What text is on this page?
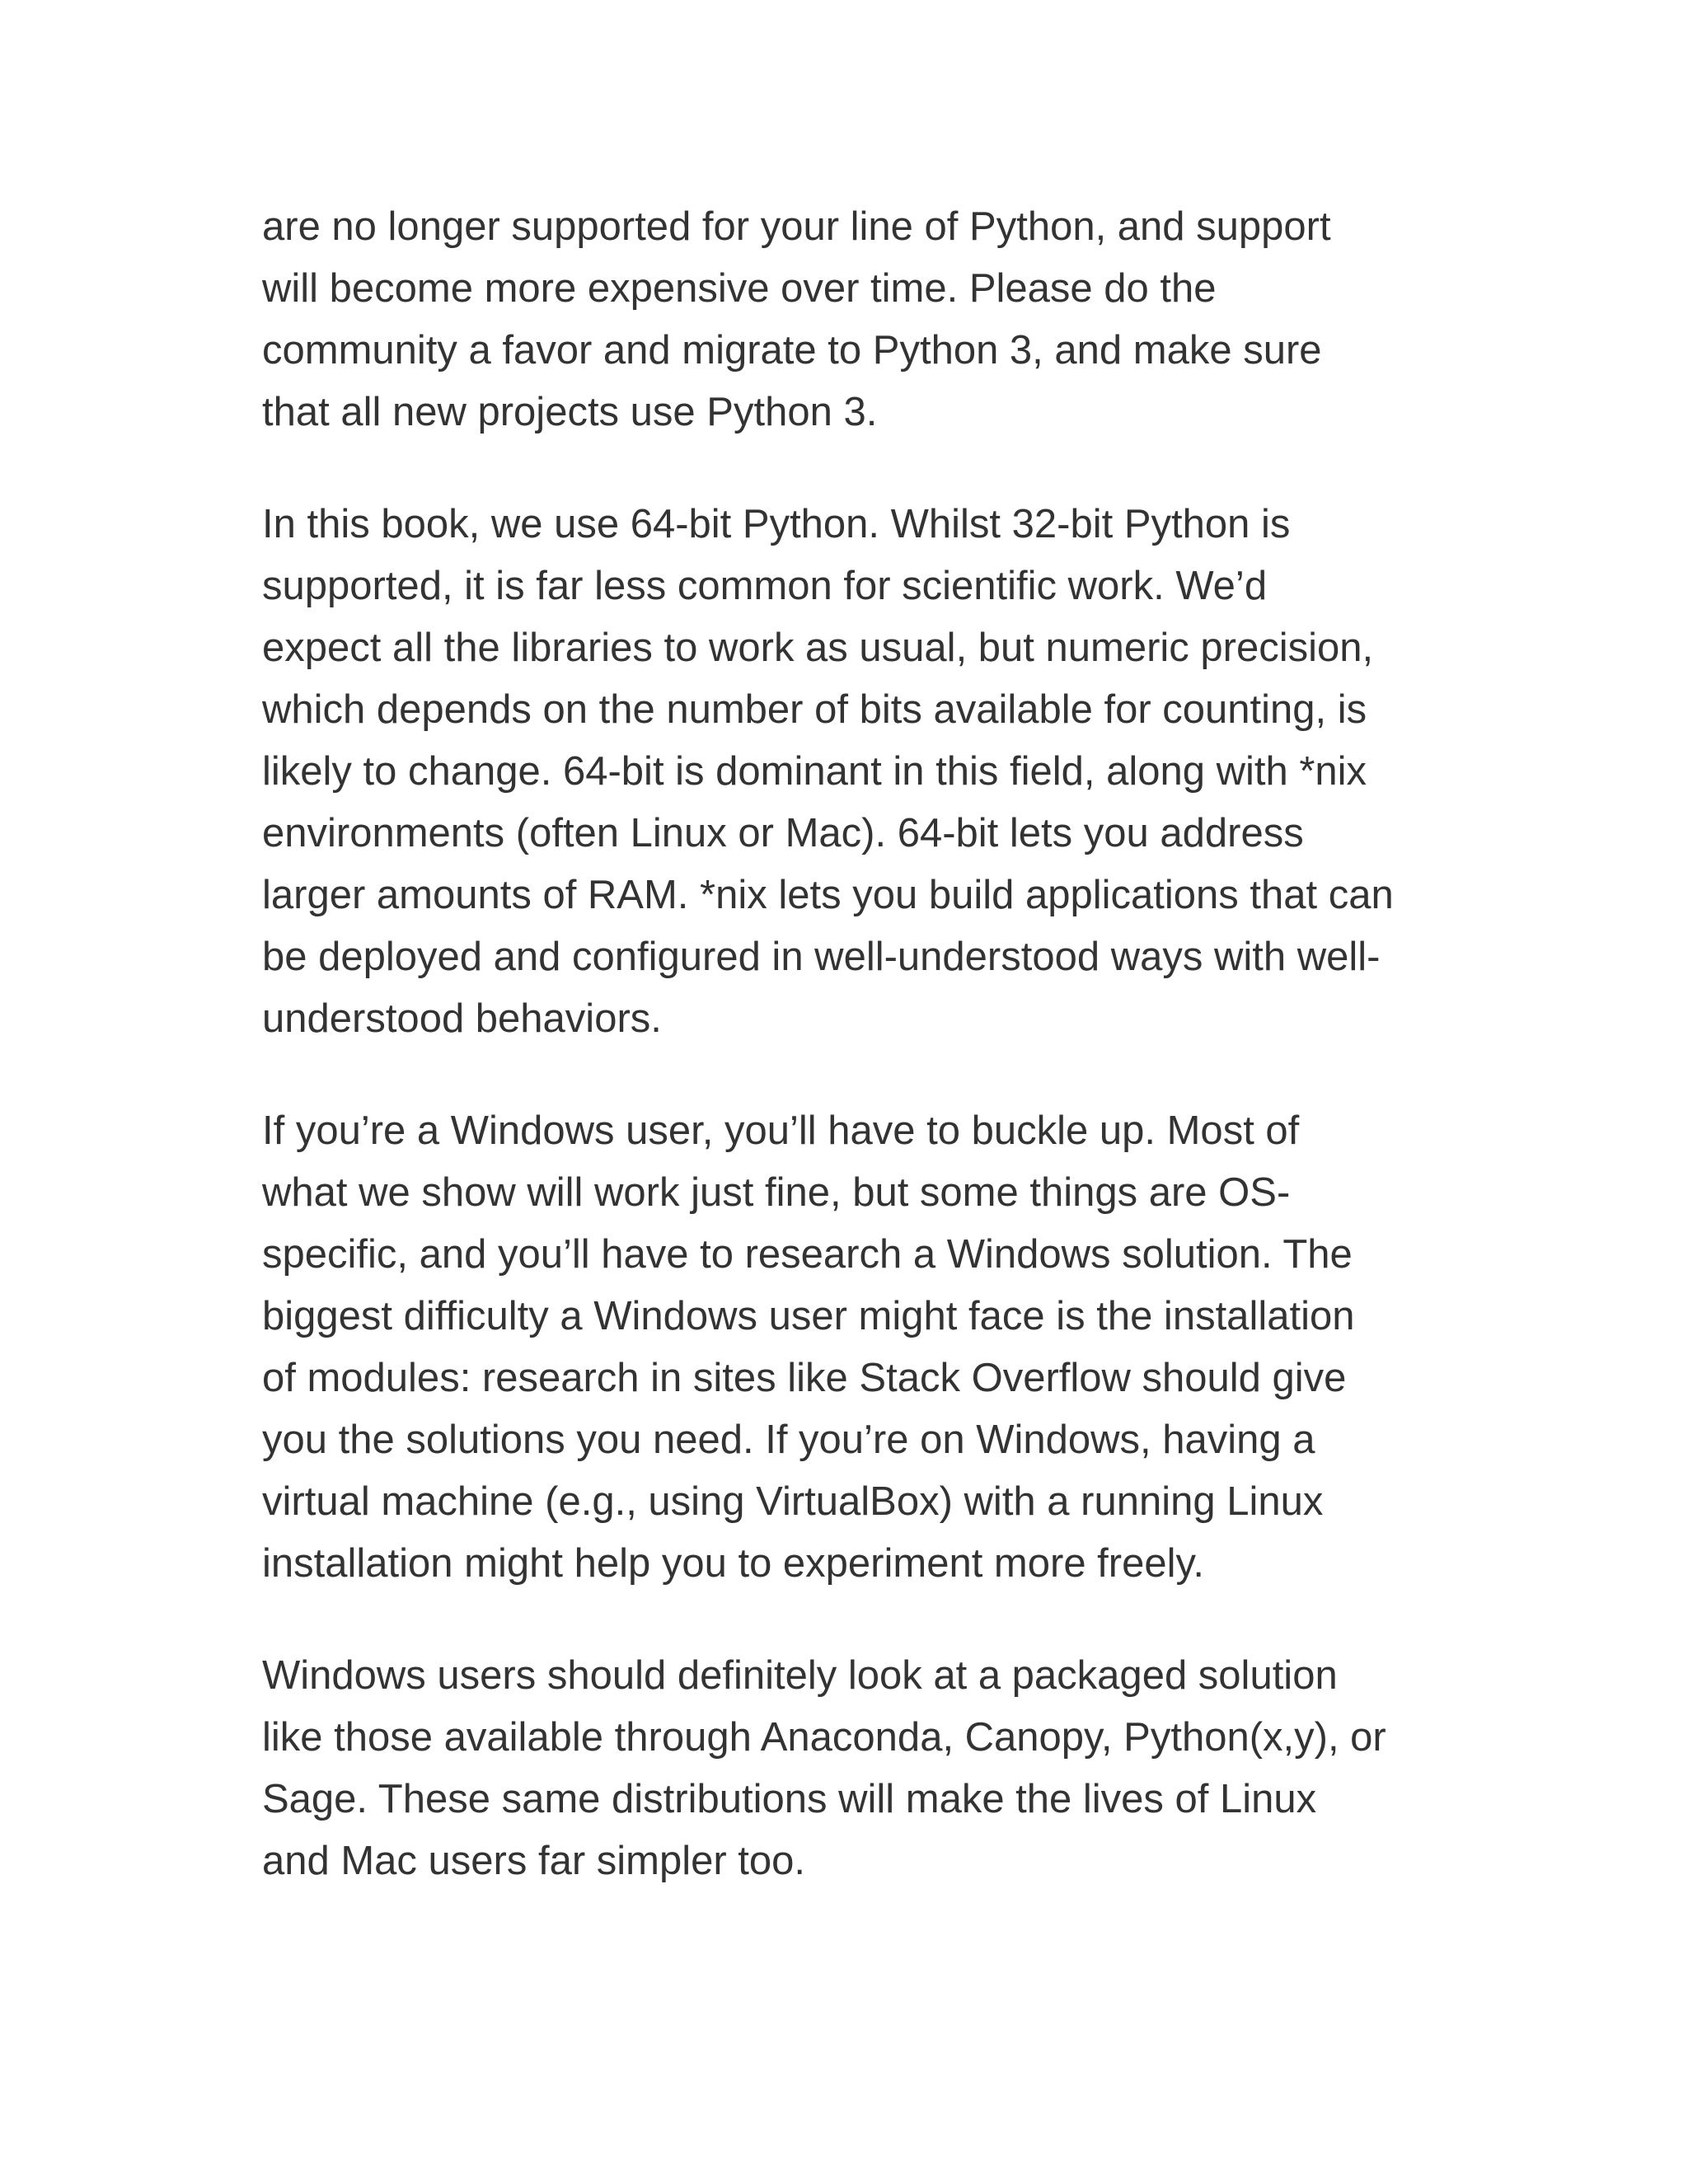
are no longer supported for your line of Python, and support
will become more expensive over time. Please do the
community a favor and migrate to Python 3, and make sure
that all new projects use Python 3.

In this book, we use 64-bit Python. Whilst 32-bit Python is
supported, it is far less common for scientific work. We’d
expect all the libraries to work as usual, but numeric precision,
which depends on the number of bits available for counting, is
likely to change. 64-bit is dominant in this field, along with *nix
environments (often Linux or Mac). 64-bit lets you address
larger amounts of RAM. *nix lets you build applications that can
be deployed and configured in well-understood ways with well-
understood behaviors.

If you’re a Windows user, you’ll have to buckle up. Most of
what we show will work just fine, but some things are OS-
specific, and you’ll have to research a Windows solution. The
biggest difficulty a Windows user might face is the installation
of modules: research in sites like Stack Overflow should give
you the solutions you need. If you’re on Windows, having a
virtual machine (e.g., using VirtualBox) with a running Linux
installation might help you to experiment more freely.

Windows users should definitely look at a packaged solution
like those available through Anaconda, Canopy, Python(x,y), or
Sage. These same distributions will make the lives of Linux
and Mac users far simpler too.
